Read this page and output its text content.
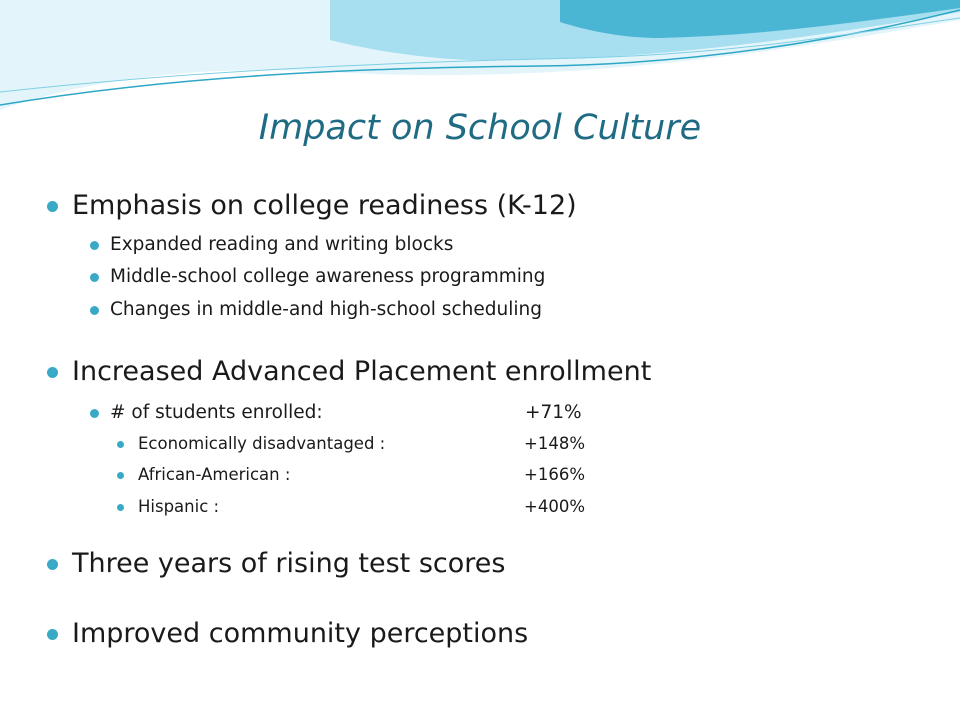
Impact on School Culture
Emphasis on college readiness (K-12)
Expanded reading and writing blocks
Middle-school college awareness programming
Changes in middle-and high-school scheduling
Increased Advanced Placement enrollment
# of students enrolled:	+71%
Economically disadvantaged :	+148%
African-American :	+166%
Hispanic :	+400%
Three years of rising test scores
Improved community perceptions
